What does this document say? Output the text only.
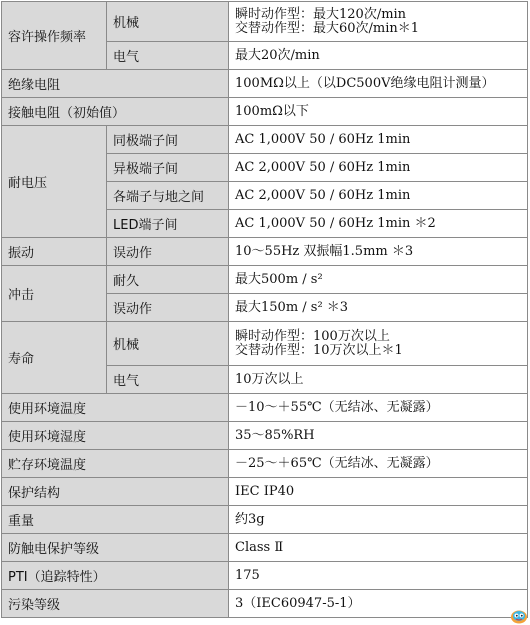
容许操作频率	机械	瞬时动作型：最大120次/min
交替动作型：最大60次/min＊1

	电气	最大20次/min
绝缘电阻		100MΩ以上（以DC500V绝缘电阻计测量）
接触电阻（初始值）		100mΩ以下
耐电压	同极端子间	AC 1,000V 50 / 60Hz 1min
	异极端子间	AC 2,000V 50 / 60Hz 1min
	各端子与地之间	AC 2,000V 50 / 60Hz 1min
	LED端子间	AC 1,000V 50 / 60Hz 1min ＊2
振动	误动作	10～55Hz 双振幅1.5mm ＊3
冲击	耐久	最大500m / s²
	误动作	最大150m / s² ＊3
寿命	机械	瞬时动作型：100万次以上
交替动作型：10万次以上＊1

	电气	10万次以上
使用环境温度		－10～＋55℃（无结冰、无凝露）
使用环境湿度		35～85%RH
贮存环境温度		－25～＋65℃（无结冰、无凝露）
保护结构		IEC IP40
重量		约3g
防触电保护等级		Class Ⅱ
PTI（追踪特性）		175
污染等级		3（IEC60947-5-1）
